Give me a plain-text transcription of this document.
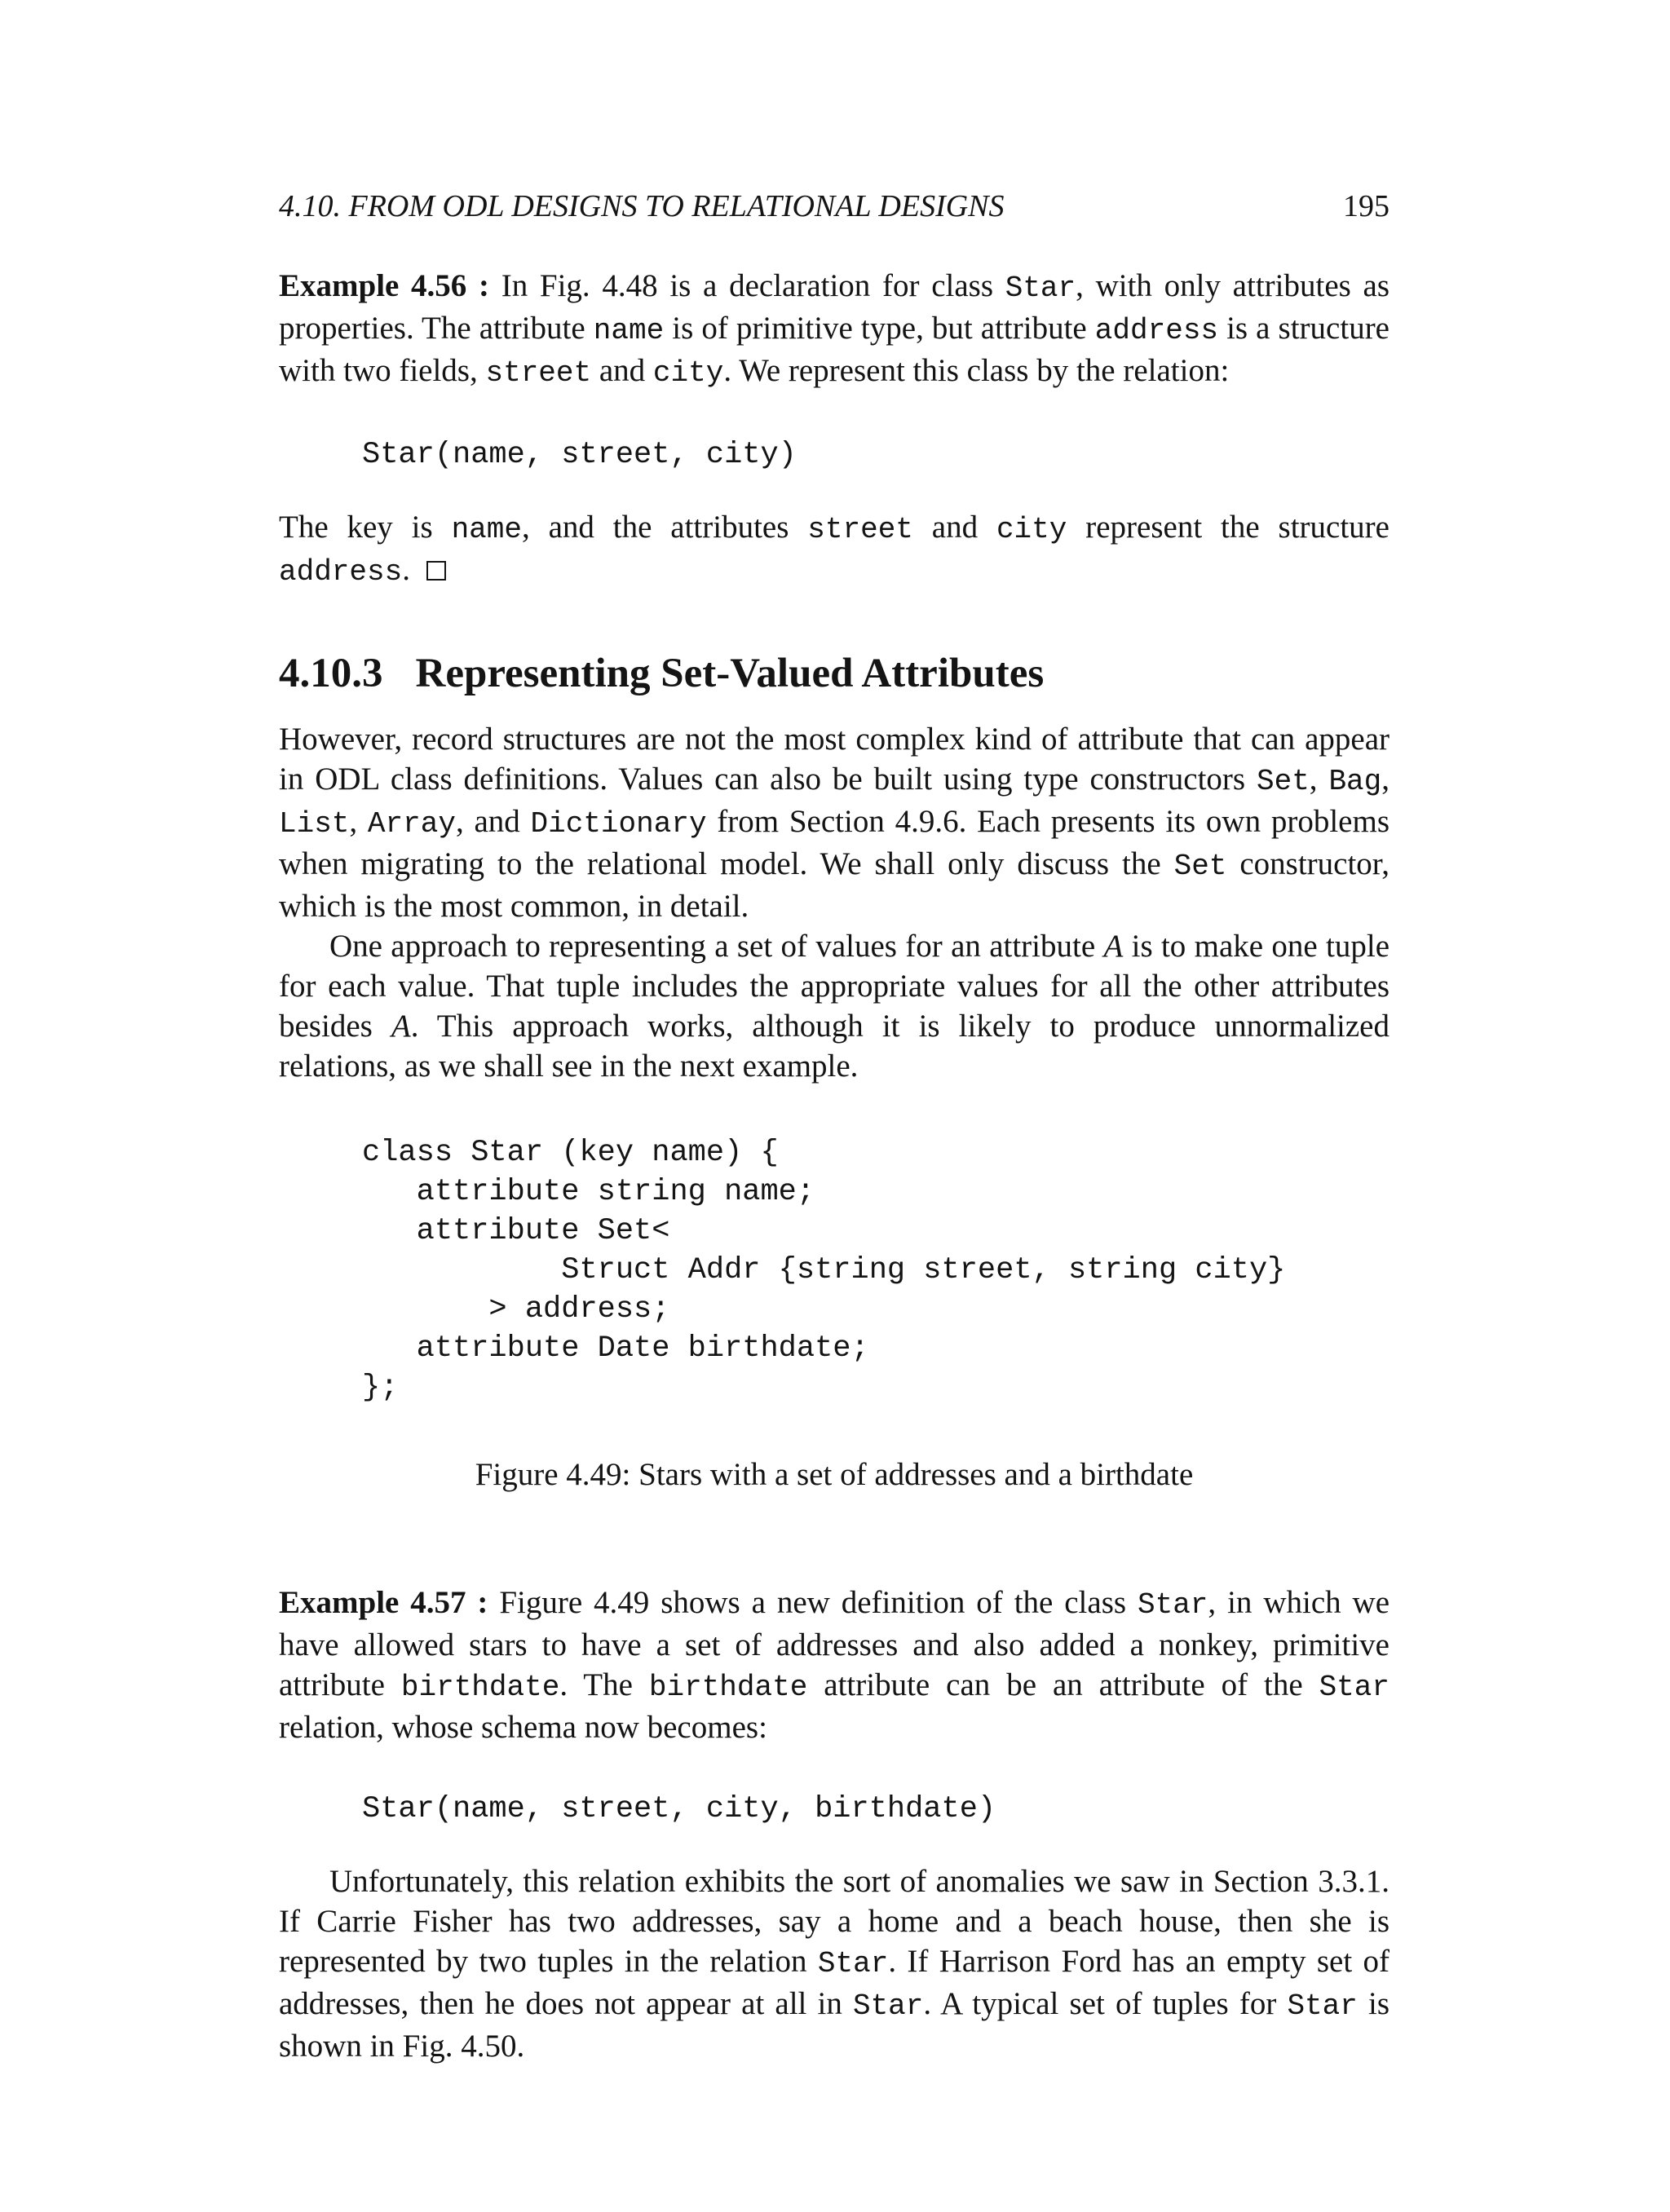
4.10. FROM ODL DESIGNS TO RELATIONAL DESIGNS	195

Example 4.56 : In Fig. 4.48 is a declaration for class Star, with only attributes as properties. The attribute name is of primitive type, but attribute address is a structure with two fields, street and city. We represent this class by the relation:

Star(name, street, city)

The key is name, and the attributes street and city represent the structure address.

4.10.3 Representing Set-Valued Attributes

However, record structures are not the most complex kind of attribute that can appear in ODL class definitions. Values can also be built using type constructors Set, Bag, List, Array, and Dictionary from Section 4.9.6. Each presents its own problems when migrating to the relational model. We shall only discuss the Set constructor, which is the most common, in detail.

One approach to representing a set of values for an attribute A is to make one tuple for each value. That tuple includes the appropriate values for all the other attributes besides A. This approach works, although it is likely to produce unnormalized relations, as we shall see in the next example.

class Star (key name) {
attribute string name;
attribute Set<
Struct Addr {string street, string city}
> address;
attribute Date birthdate;
};
Figure 4.49: Stars with a set of addresses and a birthdate

Example 4.57 : Figure 4.49 shows a new definition of the class Star, in which we have allowed stars to have a set of addresses and also added a nonkey, primitive attribute birthdate. The birthdate attribute can be an attribute of the Star relation, whose schema now becomes:

Star(name, street, city, birthdate)

Unfortunately, this relation exhibits the sort of anomalies we saw in Section 3.3.1. If Carrie Fisher has two addresses, say a home and a beach house, then she is represented by two tuples in the relation Star. If Harrison Ford has an empty set of addresses, then he does not appear at all in Star. A typical set of tuples for Star is shown in Fig. 4.50.
